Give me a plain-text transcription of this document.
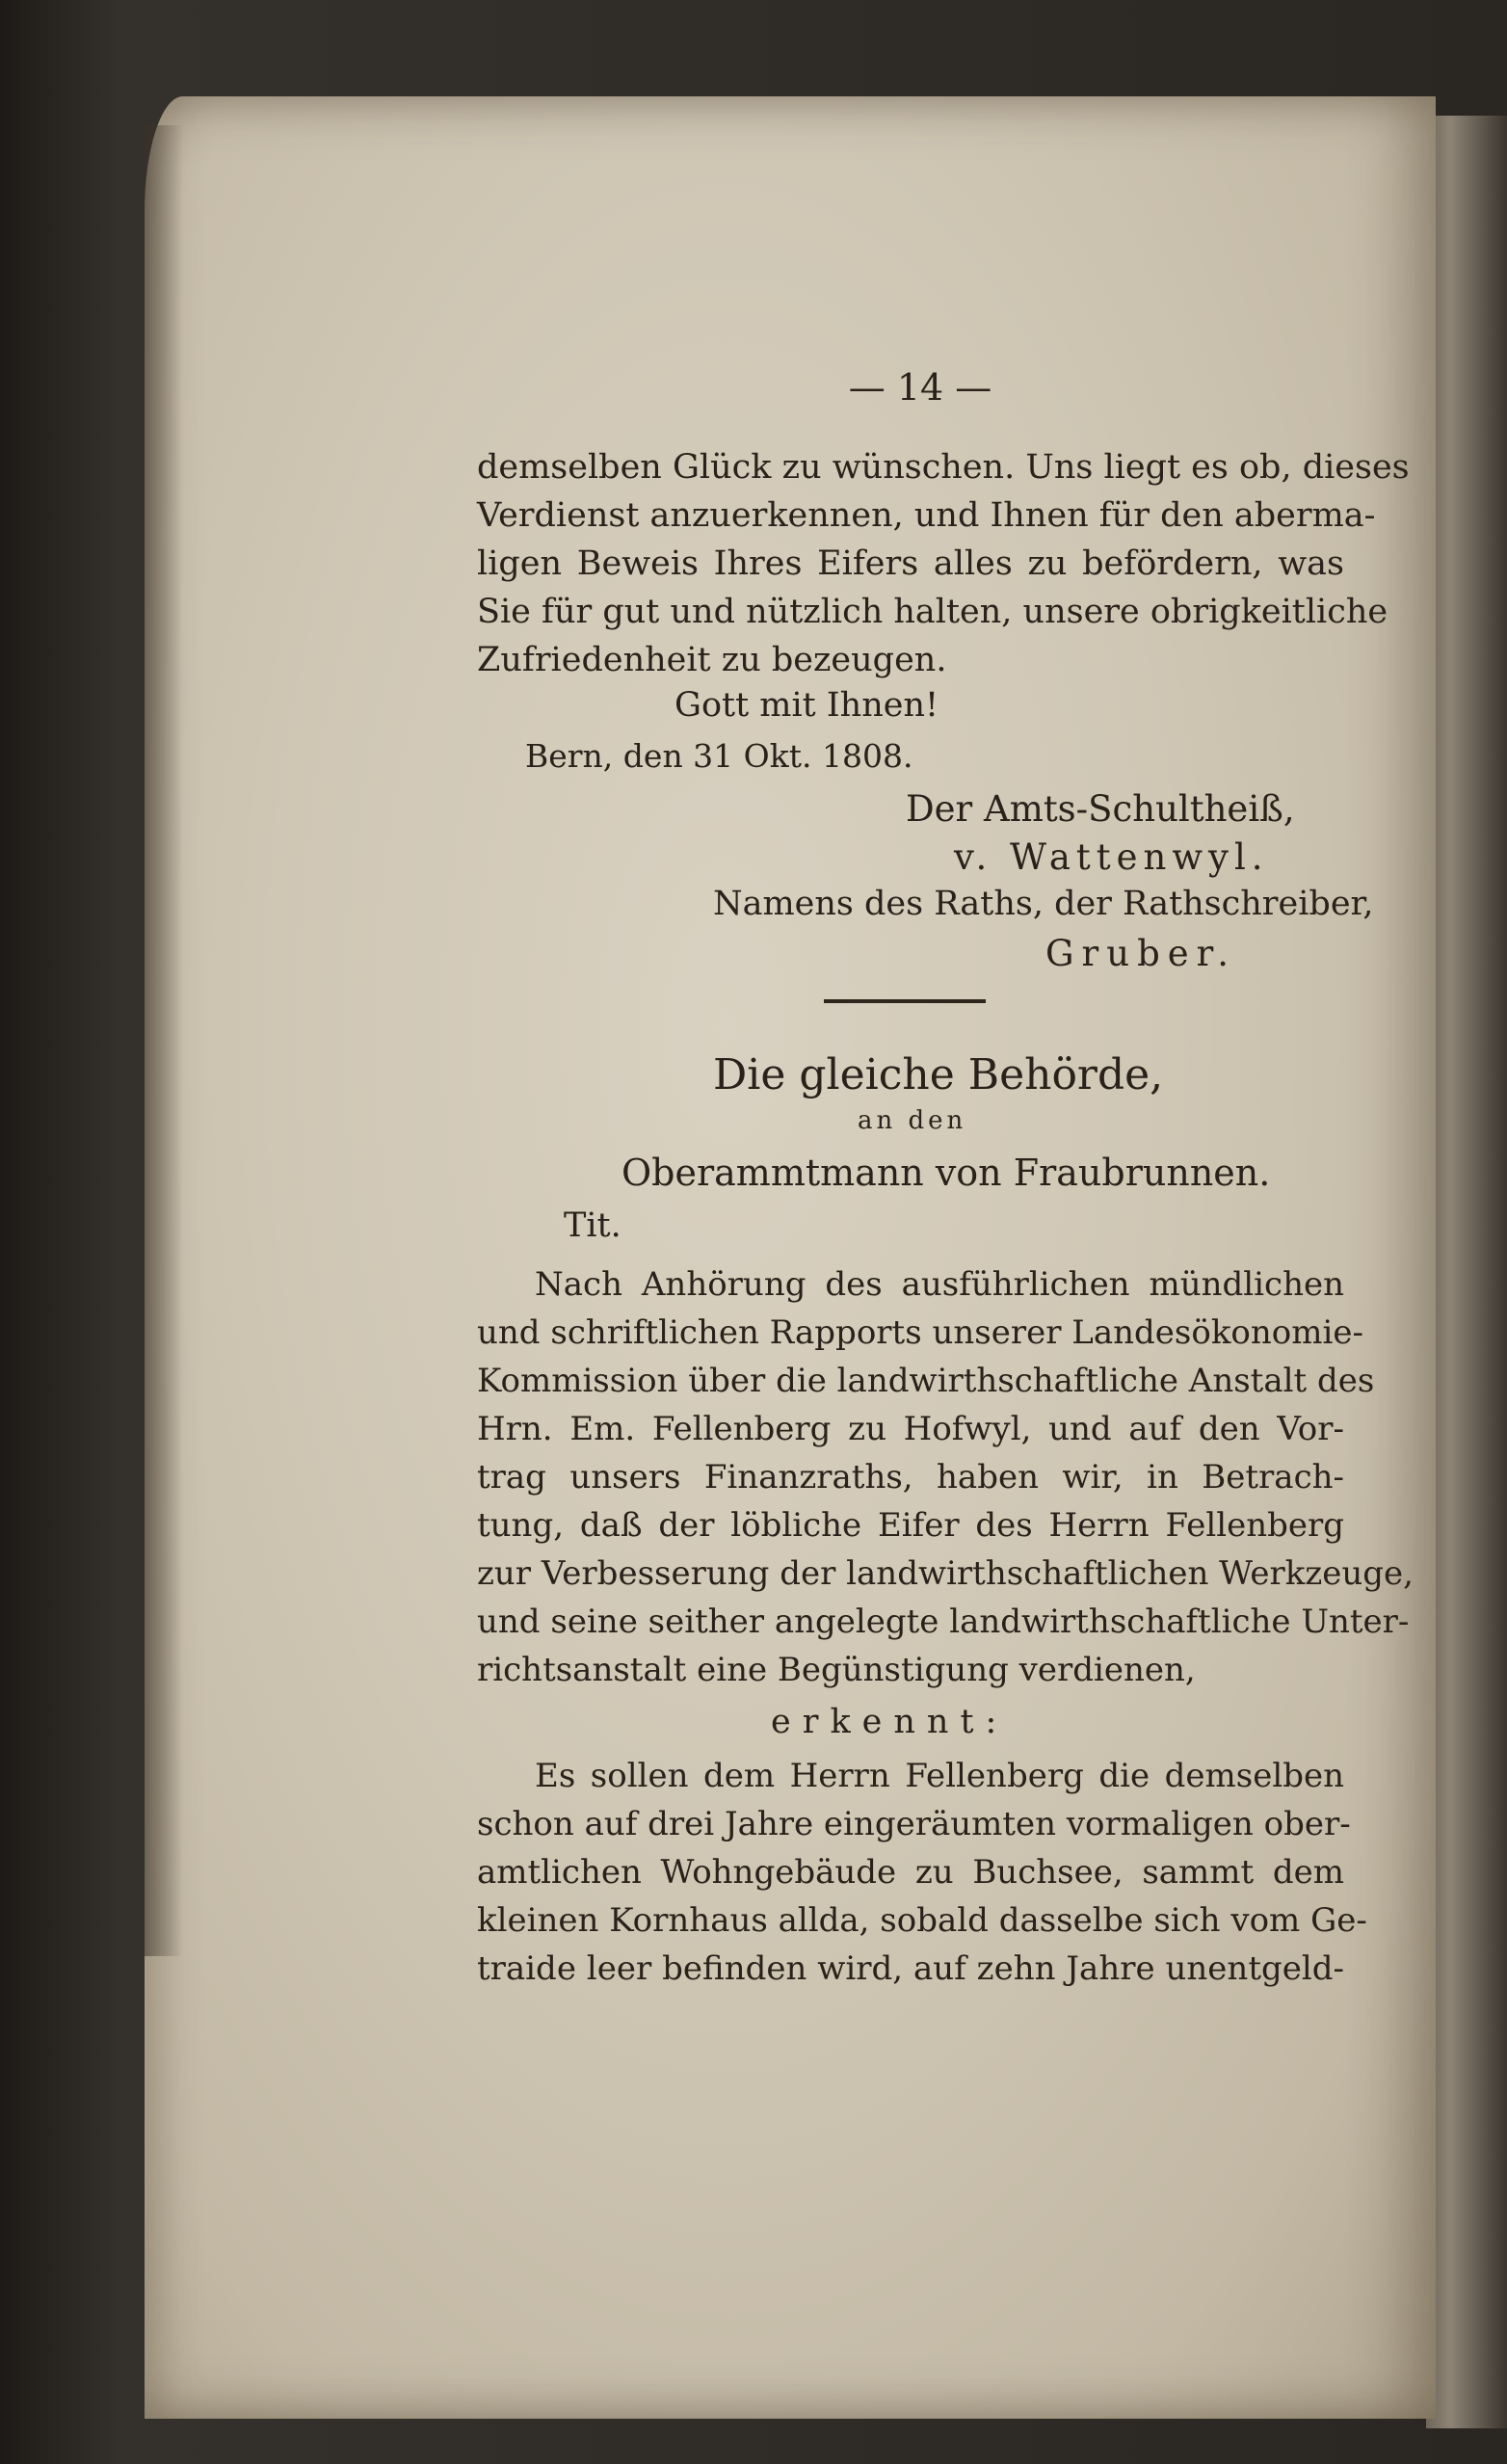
— 14 —
demselben Glück zu wünschen. Uns liegt es ob, dieses
Verdienst anzuerkennen, und Ihnen für den aberma-
ligen Beweis Ihres Eifers alles zu befördern, was
Sie für gut und nützlich halten, unsere obrigkeitliche
Zufriedenheit zu bezeugen.
Gott mit Ihnen!
Bern, den 31 Okt. 1808.
Der Amts-Schultheiß,
v. Wattenwyl.
Namens des Raths, der Rathschreiber,
Gruber.
Die gleiche Behörde,
an den
Oberammtmann von Fraubrunnen.
Tit.
Nach Anhörung des ausführlichen mündlichen
und schriftlichen Rapports unserer Landesökonomie-
Kommission über die landwirthschaftliche Anstalt des
Hrn. Em. Fellenberg zu Hofwyl, und auf den Vor-
trag unsers Finanzraths, haben wir, in Betrach-
tung, daß der löbliche Eifer des Herrn Fellenberg
zur Verbesserung der landwirthschaftlichen Werkzeuge,
und seine seither angelegte landwirthschaftliche Unter-
richtsanstalt eine Begünstigung verdienen,
erkennt:
Es sollen dem Herrn Fellenberg die demselben
schon auf drei Jahre eingeräumten vormaligen ober-
amtlichen Wohngebäude zu Buchsee, sammt dem
kleinen Kornhaus allda, sobald dasselbe sich vom Ge-
traide leer befinden wird, auf zehn Jahre unentgeld-
